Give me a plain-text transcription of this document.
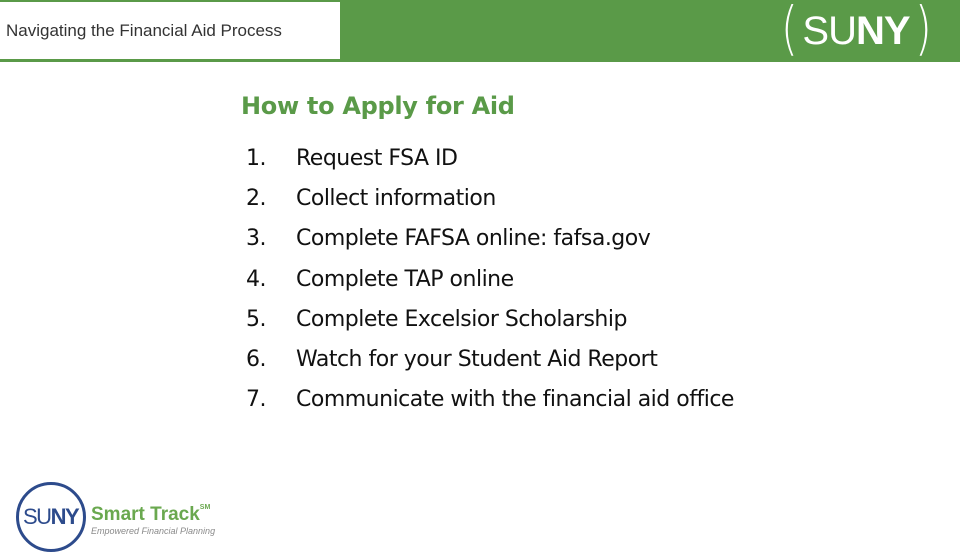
Navigating the Financial Aid Process	( SUNY )
How to Apply for Aid
1.	Request FSA ID
2.	Collect information
3.	Complete FAFSA online: fafsa.gov
4.	Complete TAP online
5.	Complete Excelsior Scholarship
6.	Watch for your Student Aid Report
7.	Communicate with the financial aid office
SUNY Smart Track℠
Empowered Financial Planning
